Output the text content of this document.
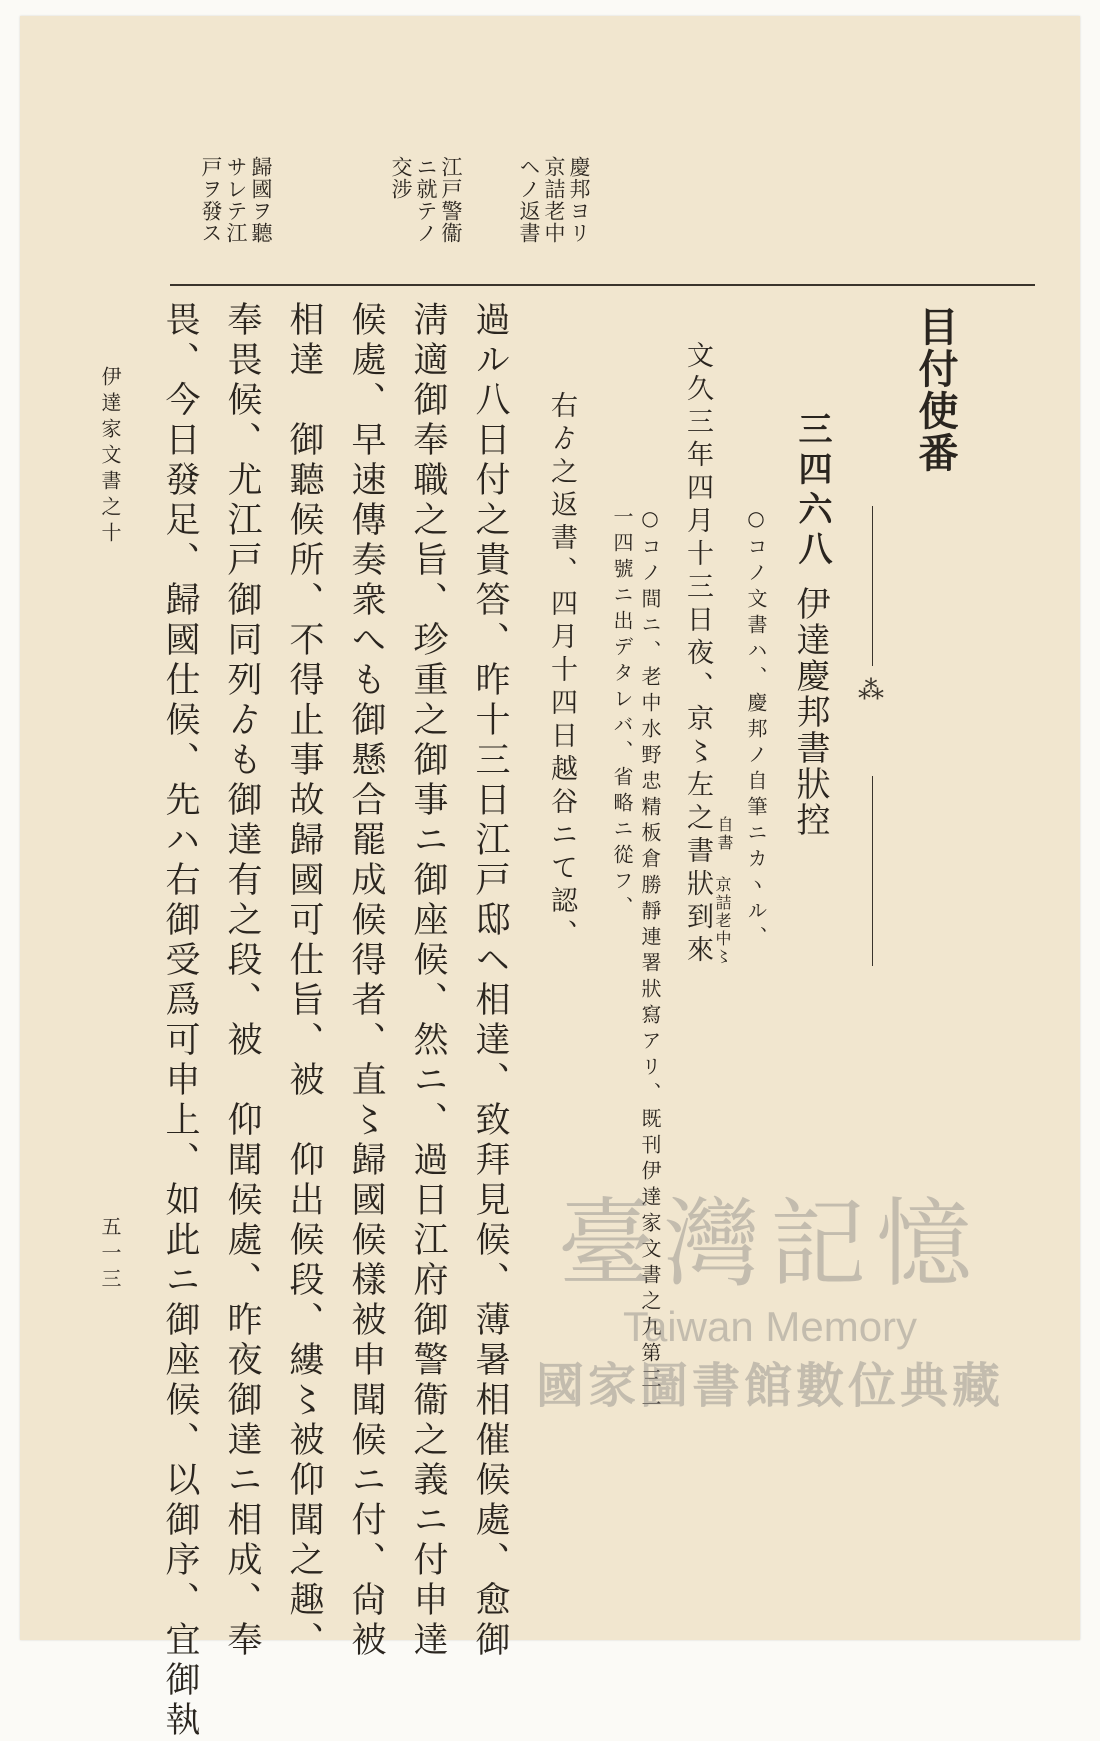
慶邦ヨリ
京詰老中
ヘノ返書
江戸警衞
ニ就テノ
交涉
歸國ヲ聽
サレテ江
戸ヲ發ス
目付使番
三四六八
⁂
伊達慶邦書狀控
○コノ文書ハ、慶邦ノ自筆ニカヽル、
文久三年四月十三日夜、京〻左之書狀到來 自書
京詰老中〻
○コノ間ニ、老中水野忠精板倉勝靜連署狀寫アリ、既刊伊達家文書之九第三一
一四號ニ出デタレバ、省略ニ從フ、
右ゟ之返書、四月十四日越谷ニて認、
過ル八日付之貴答、昨十三日江戸邸ヘ相達、致拜見候、薄暑相催候處、愈御
淸適御奉職之旨、珍重之御事ニ御座候、然ニ、過日江府御警衞之義ニ付申達
候處、早速傳奏衆へも御懸合罷成候得者、直〻歸國候樣被申聞候ニ付、尙被
相達　御聽候所、不得止事故歸國可仕旨、被　仰出候段、縷〻被仰聞之趣、
奉畏候、尤江戸御同列ゟも御達有之段、被　仰聞候處、昨夜御達ニ相成、奉
畏、今日發足、歸國仕候、先ハ右御受爲可申上、如此ニ御座候、以御序、宜御執
伊達家文書之十
五一三	臺灣記憶
Taiwan Memory
國家圖書館數位典藏
